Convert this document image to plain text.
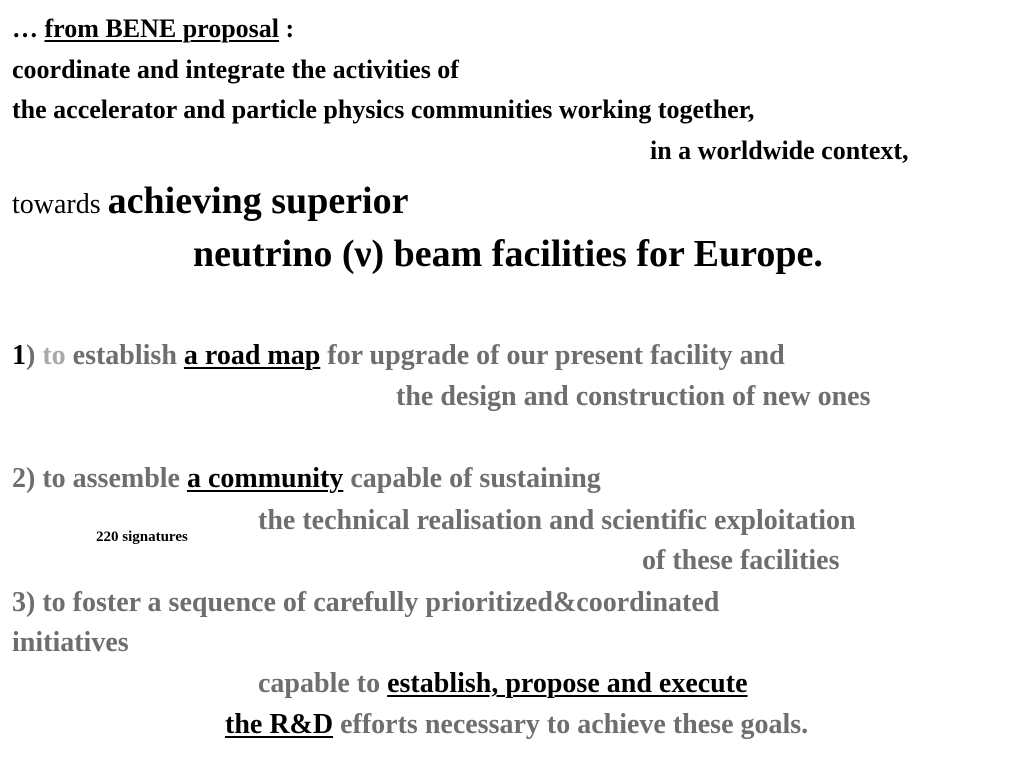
… from BENE proposal :
coordinate and integrate the activities of
the accelerator and particle physics communities working together,
in a worldwide context,
towards achieving superior
neutrino (ν) beam facilities for Europe.
1) to establish a road map for upgrade of our present facility and
the design and construction of new ones
2) to assemble a community capable of sustaining
220 signatures
the technical realisation and scientific exploitation
of these facilities
3) to foster a sequence of carefully prioritized&coordinated
initiatives
capable to establish, propose and execute
the R&D efforts necessary to achieve these goals.
